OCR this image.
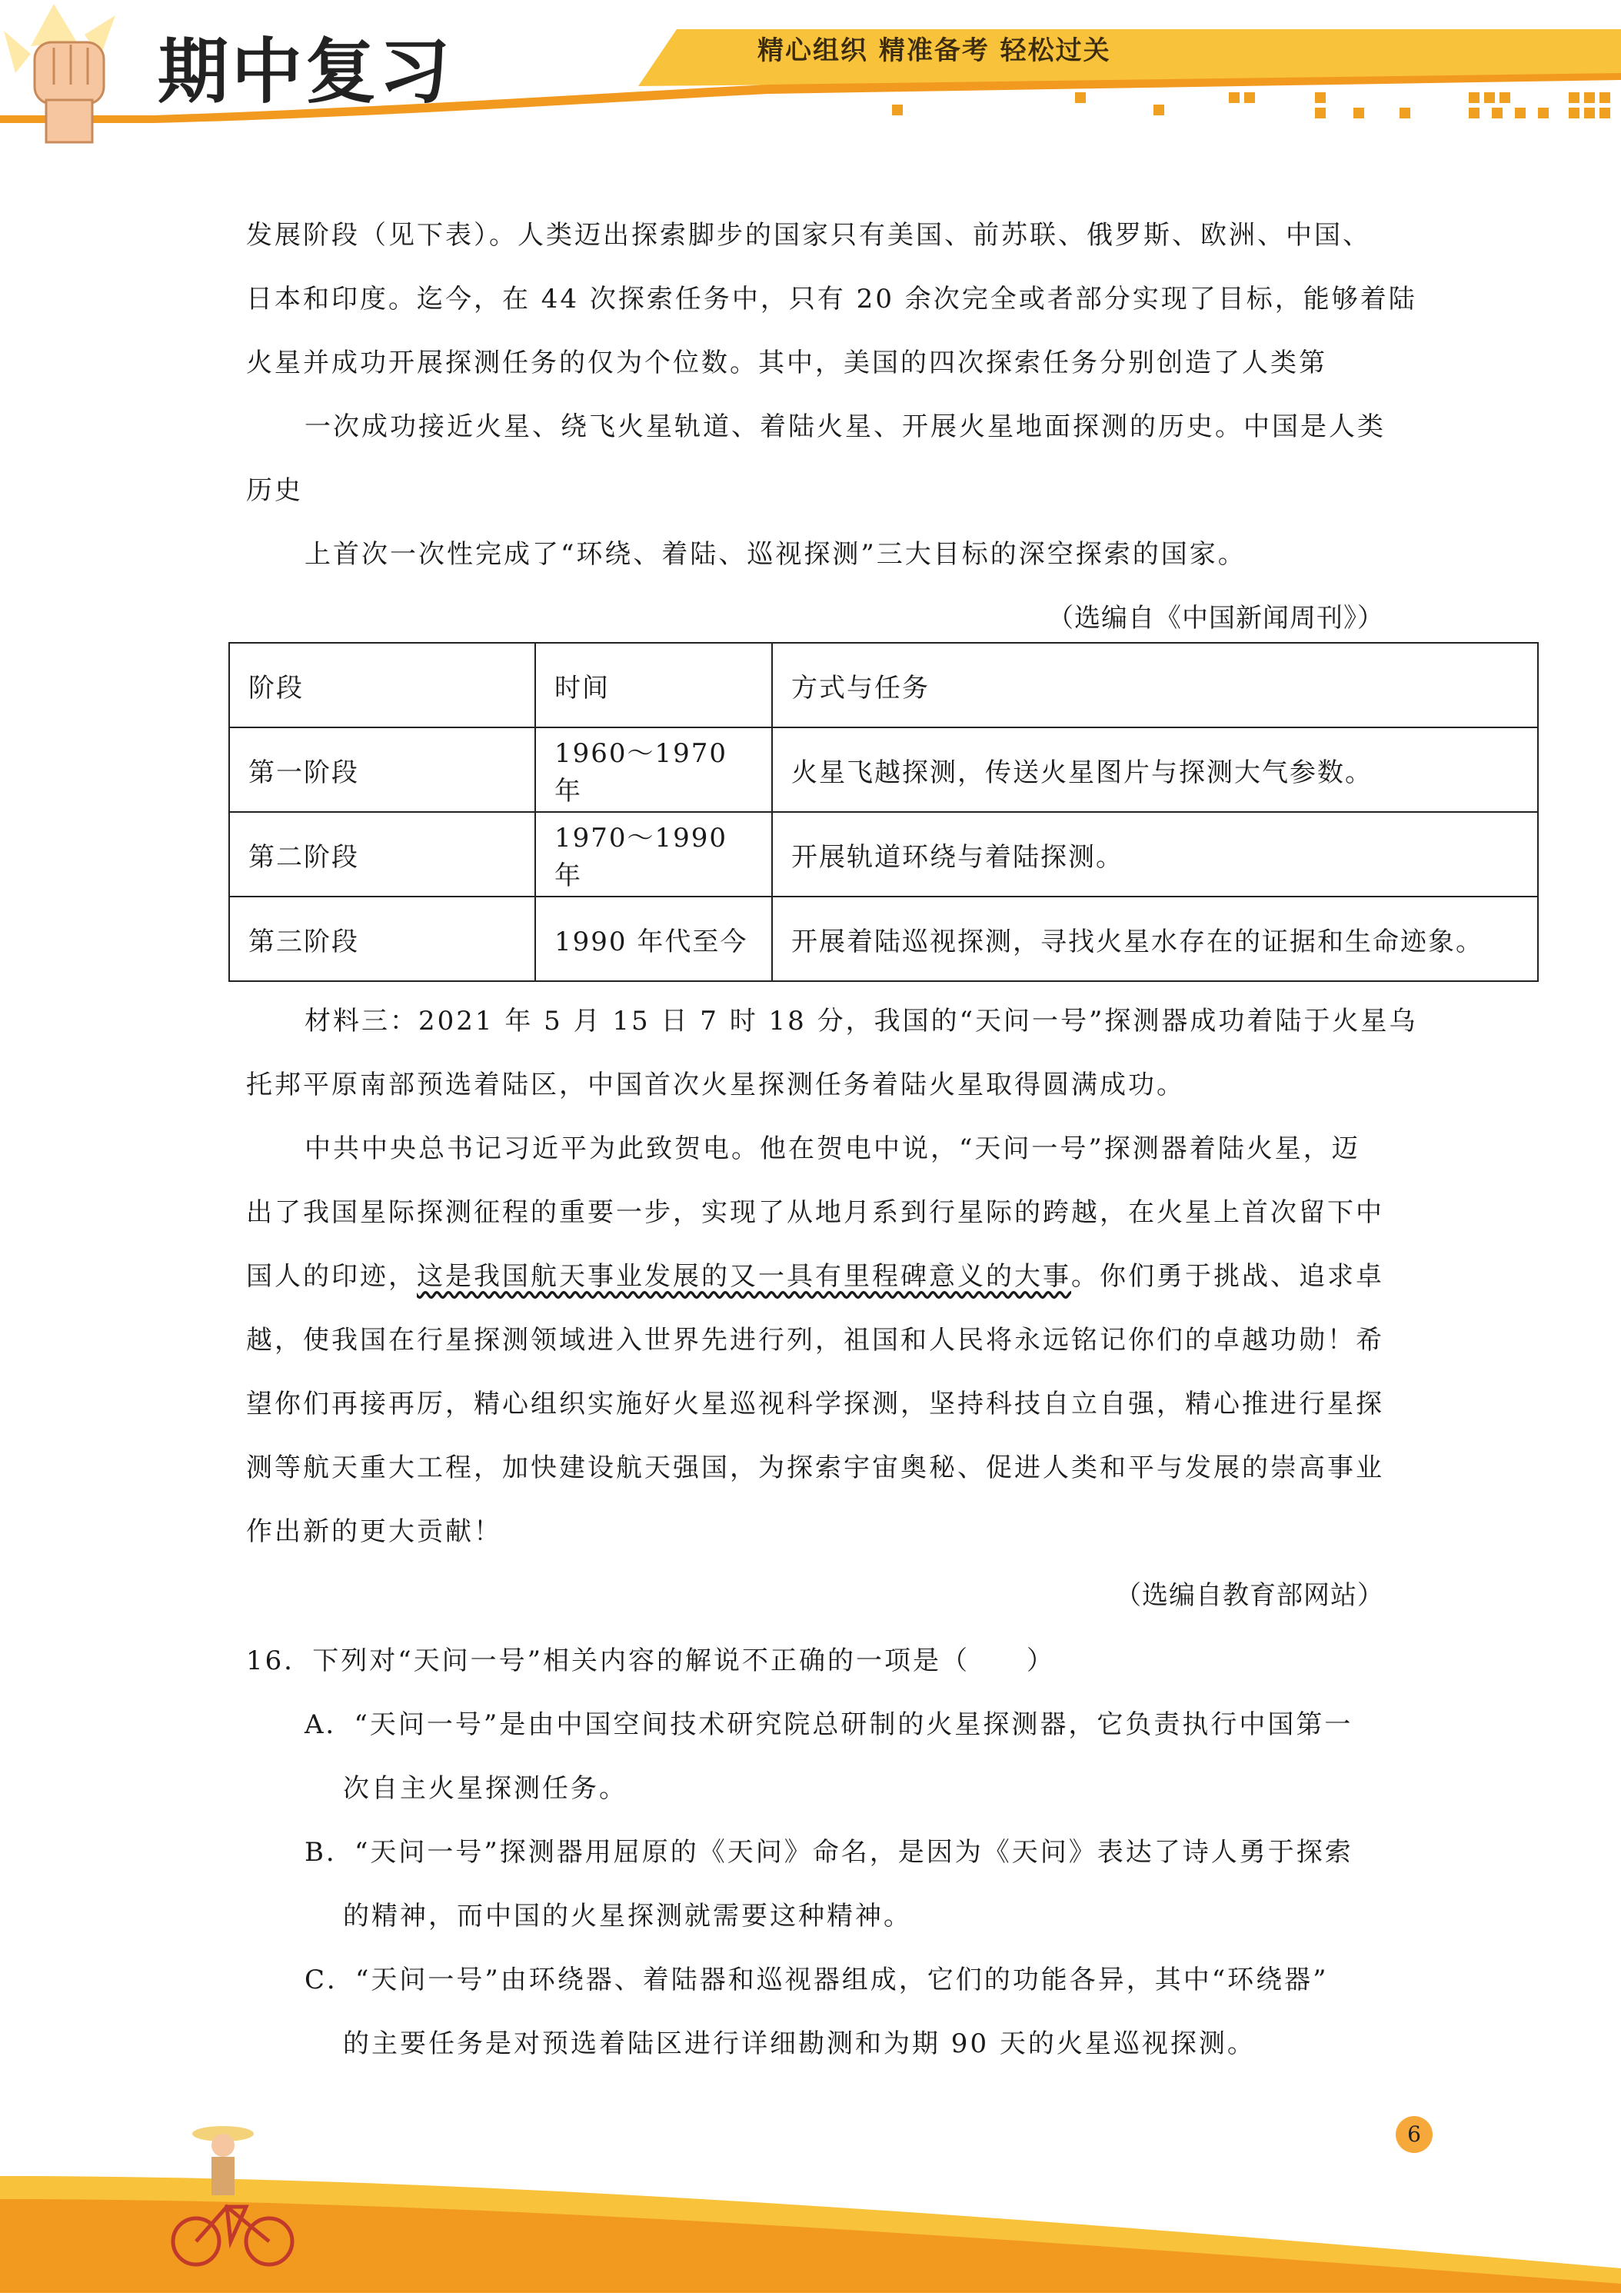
期中复习	精心组织 精准备考 轻松过关

发展阶段（见下表）。人类迈出探索脚步的国家只有美国、前苏联、俄罗斯、欧洲、中国、

日本和印度。迄今，在 44 次探索任务中，只有 20 余次完全或者部分实现了目标，能够着陆

火星并成功开展探测任务的仅为个位数。其中，美国的四次探索任务分别创造了人类第

一次成功接近火星、绕飞火星轨道、着陆火星、开展火星地面探测的历史。中国是人类

历史

上首次一次性完成了“环绕、着陆、巡视探测”三大目标的深空探索的国家。

（选编自《中国新闻周刊》）

阶段	时间	方式与任务
第一阶段	1960～1970 年	火星飞越探测，传送火星图片与探测大气参数。
第二阶段	1970～1990 年	开展轨道环绕与着陆探测。
第三阶段	1990 年代至今	开展着陆巡视探测，寻找火星水存在的证据和生命迹象。

材料三：2021 年 5 月 15 日 7 时 18 分，我国的“天问一号”探测器成功着陆于火星乌

托邦平原南部预选着陆区，中国首次火星探测任务着陆火星取得圆满成功。

中共中央总书记习近平为此致贺电。他在贺电中说，“天问一号”探测器着陆火星，迈

出了我国星际探测征程的重要一步，实现了从地月系到行星际的跨越，在火星上首次留下中

国人的印迹，这是我国航天事业发展的又一具有里程碑意义的大事。你们勇于挑战、追求卓

越，使我国在行星探测领域进入世界先进行列，祖国和人民将永远铭记你们的卓越功勋！希

望你们再接再厉，精心组织实施好火星巡视科学探测，坚持科技自立自强，精心推进行星探

测等航天重大工程，加快建设航天强国，为探索宇宙奥秘、促进人类和平与发展的崇高事业

作出新的更大贡献！

（选编自教育部网站）

16．下列对“天问一号”相关内容的解说不正确的一项是（　　）

A．“天问一号”是由中国空间技术研究院总研制的火星探测器，它负责执行中国第一

次自主火星探测任务。

B．“天问一号”探测器用屈原的《天问》命名，是因为《天问》表达了诗人勇于探索

的精神，而中国的火星探测就需要这种精神。

C．“天问一号”由环绕器、着陆器和巡视器组成，它们的功能各异，其中“环绕器”

的主要任务是对预选着陆区进行详细勘测和为期 90 天的火星巡视探测。

6
